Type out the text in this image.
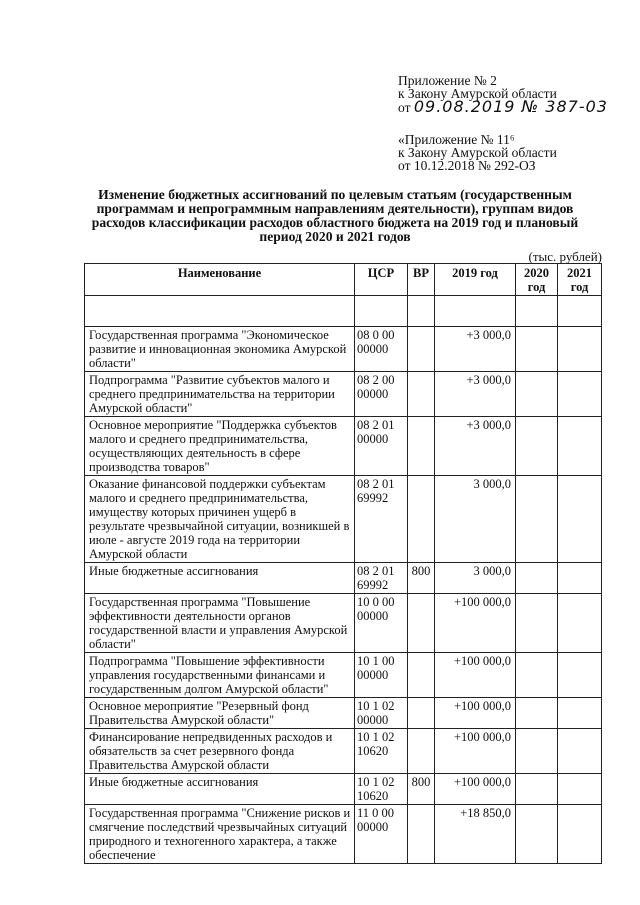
Приложение № 2
к Закону Амурской области
от 09.08.2019 № 387-03
«Приложение № 11⁶
к Закону Амурской области
от 10.12.2018 № 292-ОЗ
Изменение бюджетных ассигнований по целевым статьям (государственным программам и непрограммным направлениям деятельности), группам видов расходов классификации расходов областного бюджета на 2019 год и плановый период 2020 и 2021 годов
(тыс. рублей)
Наименование	ЦСР	ВР	2019 год	2020 год	2021 год

Государственная программа "Экономическое развитие и инновационная экономика Амурской области"	08 0 00 00000		+3 000,0		
Подпрограмма "Развитие субъектов малого и среднего предпринимательства на территории Амурской области"	08 2 00 00000		+3 000,0		
Основное мероприятие "Поддержка субъектов малого и среднего предпринимательства, осуществляющих деятельность в сфере производства товаров"	08 2 01 00000		+3 000,0		
Оказание финансовой поддержки субъектам малого и среднего предпринимательства, имуществу которых причинен ущерб в результате чрезвычайной ситуации, возникшей в июле - августе 2019 года на территории Амурской области	08 2 01 69992		3 000,0		
Иные бюджетные ассигнования	08 2 01 69992	800	3 000,0		
Государственная программа "Повышение эффективности деятельности органов государственной власти и управления Амурской области"	10 0 00 00000		+100 000,0		
Подпрограмма "Повышение эффективности управления государственными финансами и государственным долгом Амурской области"	10 1 00 00000		+100 000,0		
Основное мероприятие "Резервный фонд Правительства Амурской области"	10 1 02 00000		+100 000,0		
Финансирование непредвиденных расходов и обязательств за счет резервного фонда Правительства Амурской области	10 1 02 10620		+100 000,0		
Иные бюджетные ассигнования	10 1 02 10620	800	+100 000,0		
Государственная программа "Снижение рисков и смягчение последствий чрезвычайных ситуаций природного и техногенного характера, а также обеспечение	11 0 00 00000		+18 850,0		
